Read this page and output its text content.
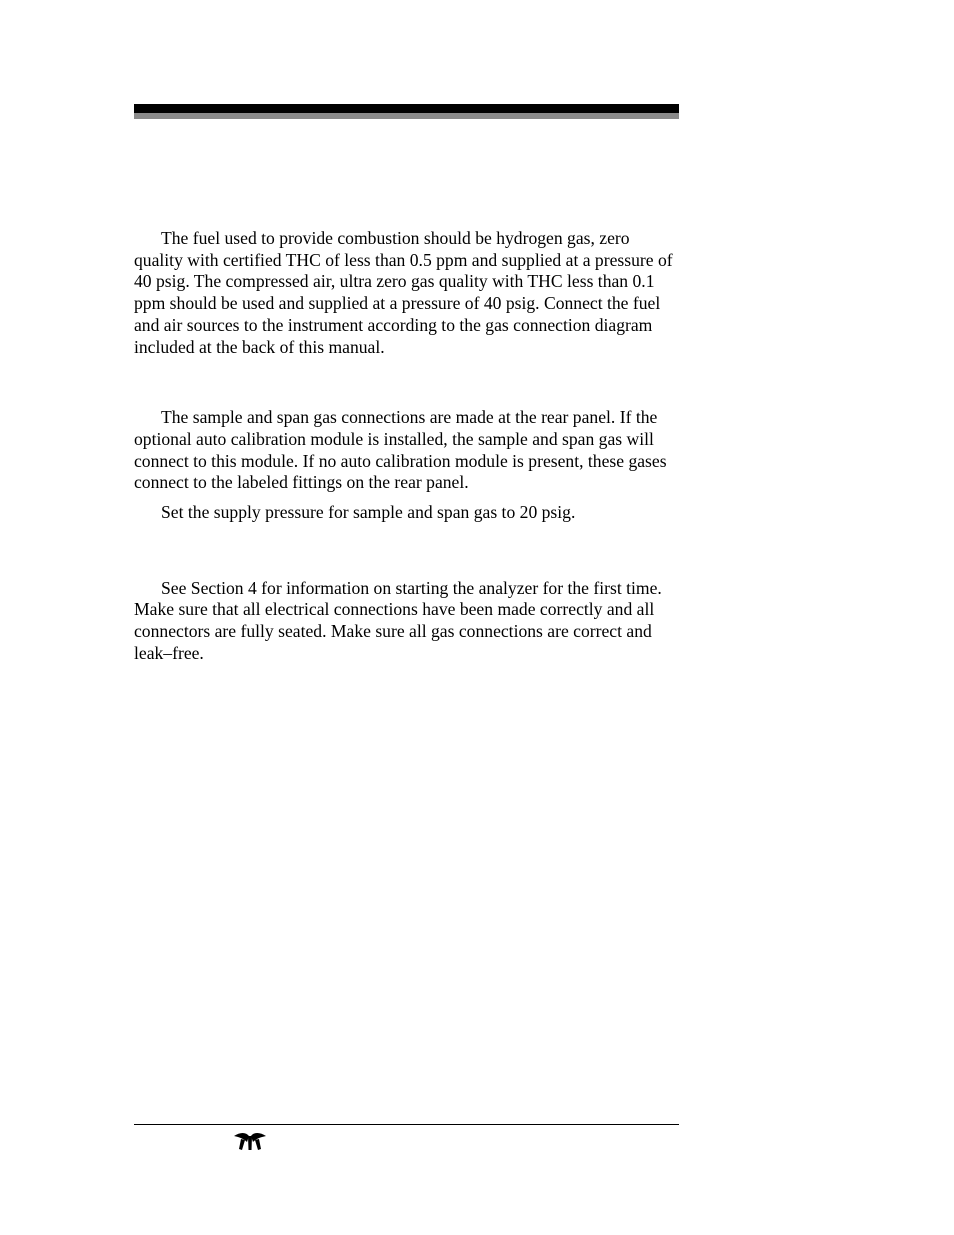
The fuel used to provide combustion should be hydrogen gas, zero quality with certified THC of less than 0.5 ppm and supplied at a pressure of 40 psig. The compressed air, ultra zero gas quality with THC less than 0.1 ppm should be used and supplied at a pressure of 40 psig. Connect the fuel and air sources to the instrument according to the gas connection diagram included at the back of this manual.

The sample and span gas connections are made at the rear panel. If the optional auto calibration module is installed, the sample and span gas will connect to this module. If no auto calibration module is present, these gases connect to the labeled fittings on the rear panel.

Set the supply pressure for sample and span gas to 20 psig.

See Section 4 for information on starting the analyzer for the first time. Make sure that all electrical connections have been made correctly and all connectors are fully seated. Make sure all gas connections are correct and leak–free.
